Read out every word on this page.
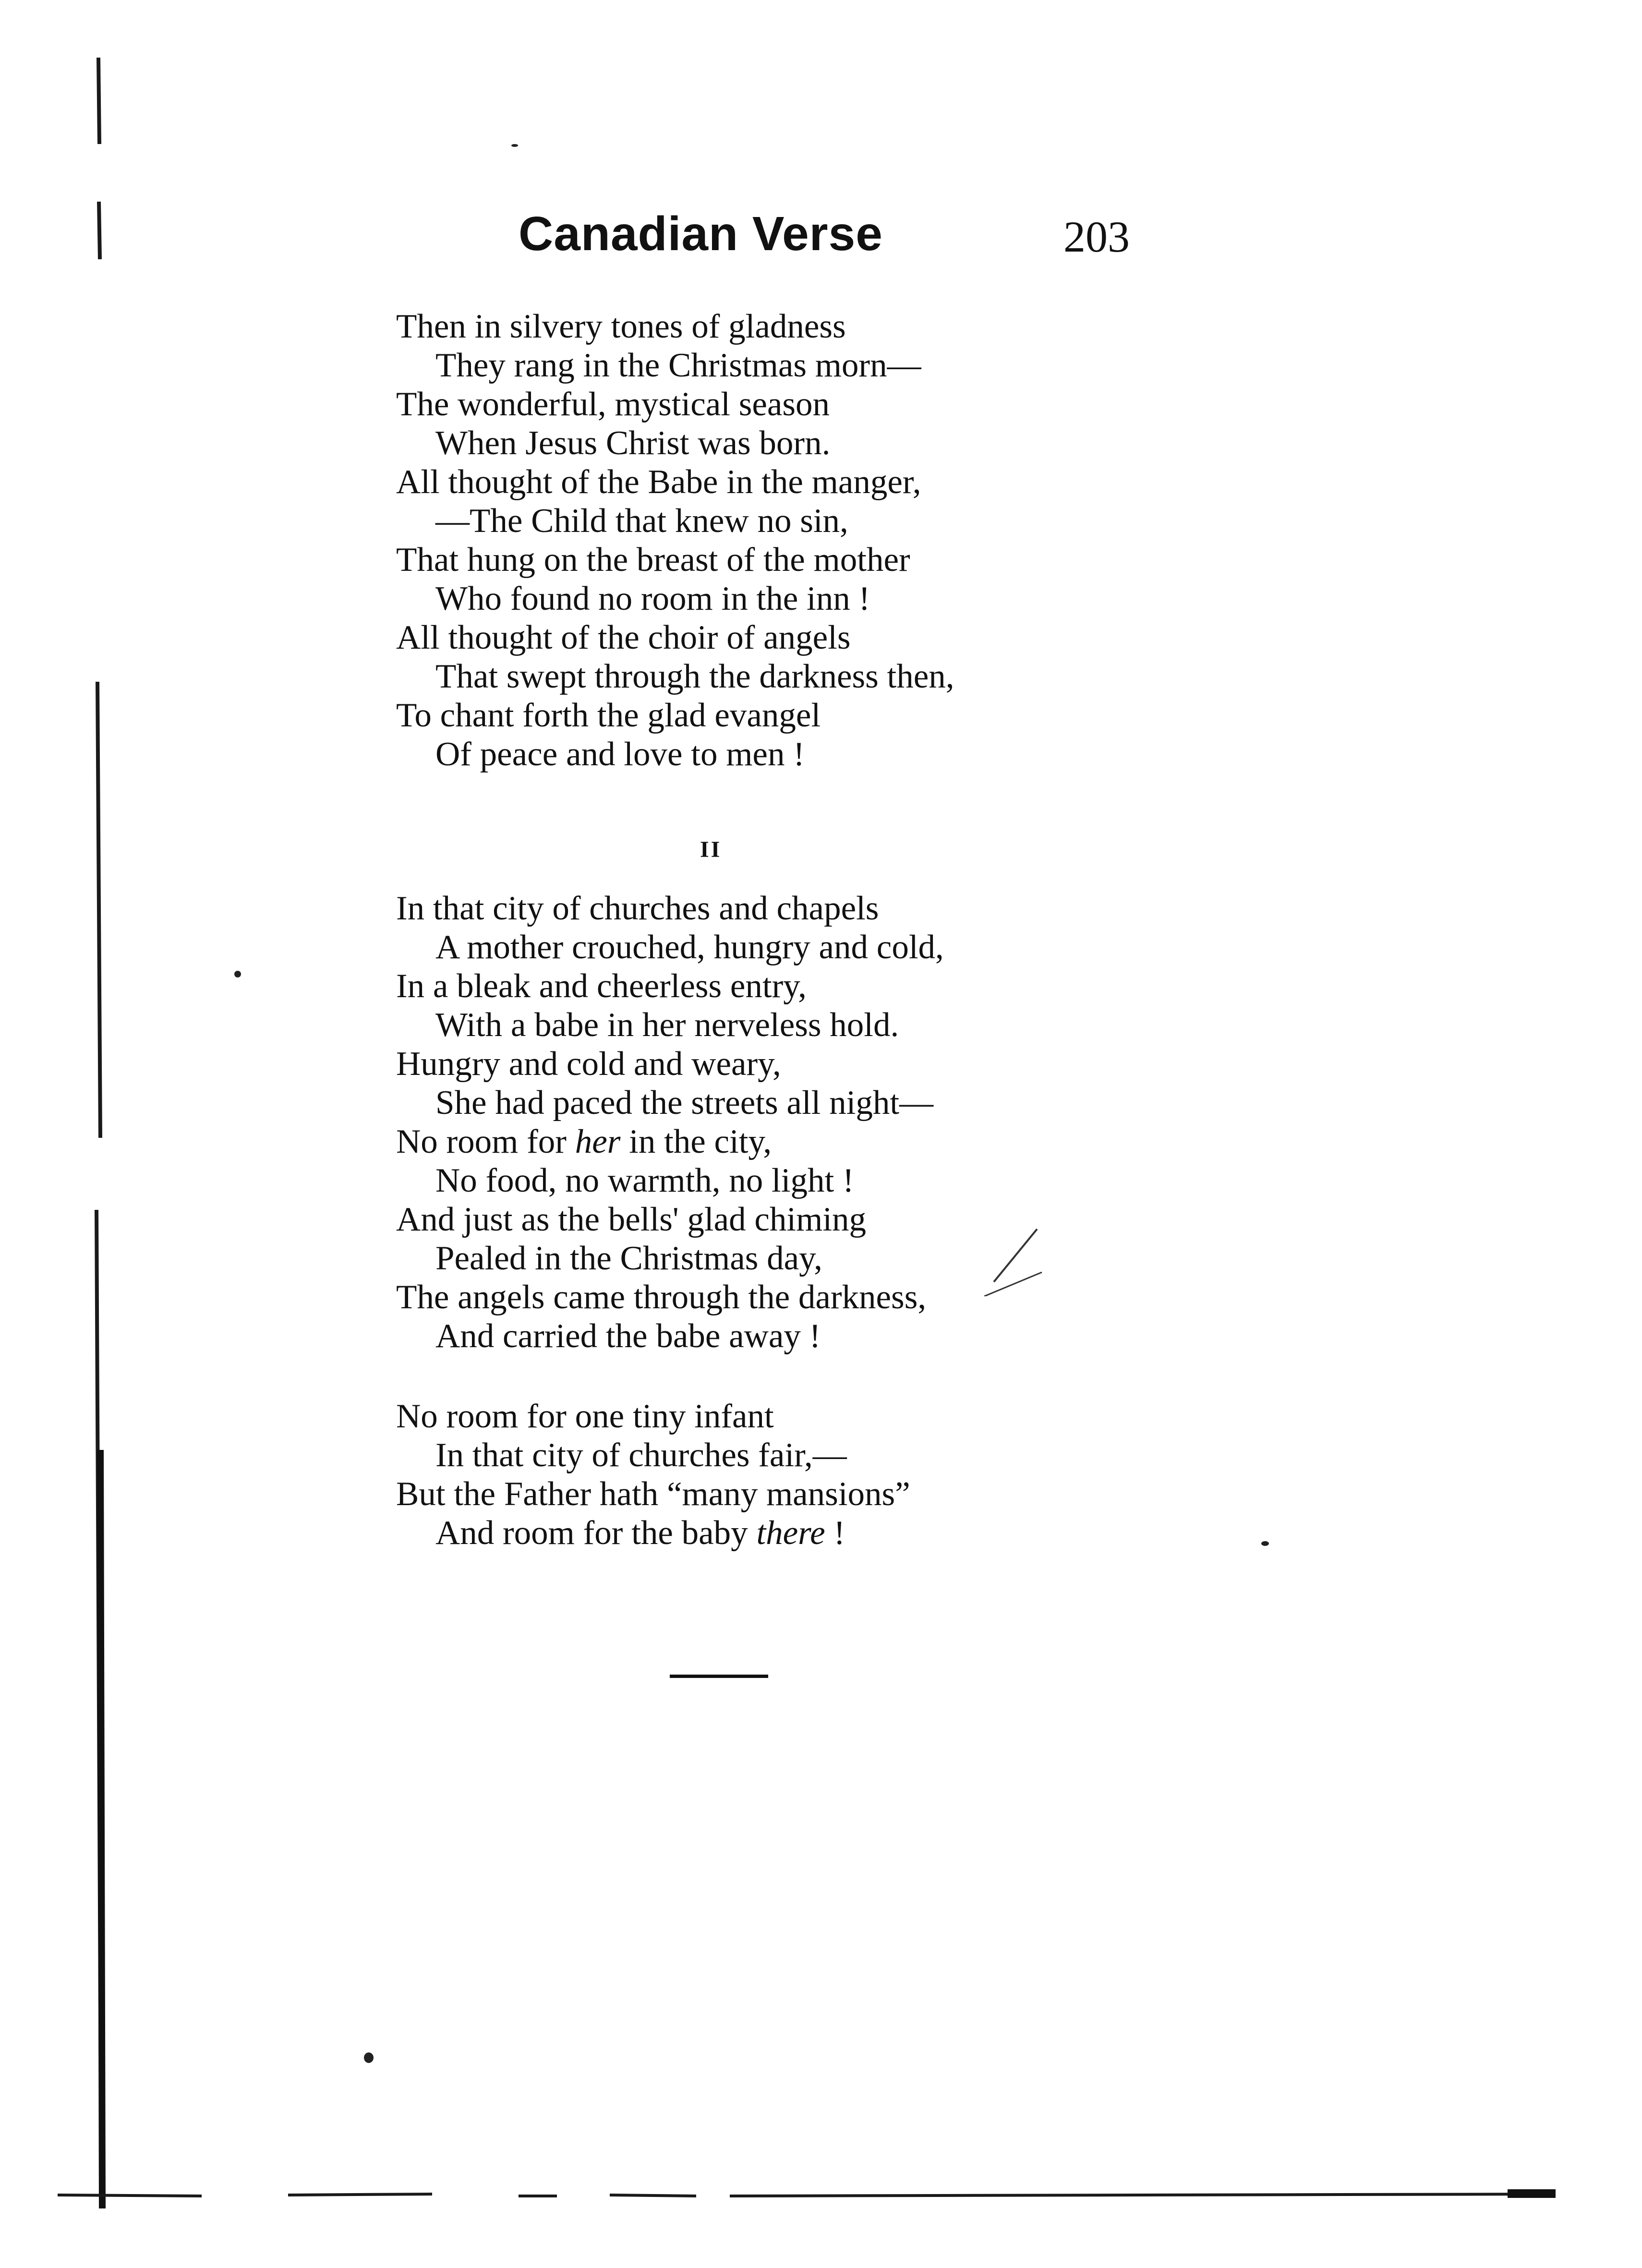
Canadian Verse	203
Then in silvery tones of gladness
They rang in the Christmas morn—
The wonderful, mystical season
When Jesus Christ was born.
All thought of the Babe in the manger,
—The Child that knew no sin,
That hung on the breast of the mother
Who found no room in the inn !
All thought of the choir of angels
That swept through the darkness then,
To chant forth the glad evangel
Of peace and love to men !
II
In that city of churches and chapels
A mother crouched, hungry and cold,
In a bleak and cheerless entry,
With a babe in her nerveless hold.
Hungry and cold and weary,
She had paced the streets all night—
No room for her in the city,
No food, no warmth, no light !
And just as the bells' glad chiming
Pealed in the Christmas day,
The angels came through the darkness,
And carried the babe away !
No room for one tiny infant
In that city of churches fair,—
But the Father hath “many mansions”
And room for the baby there !
